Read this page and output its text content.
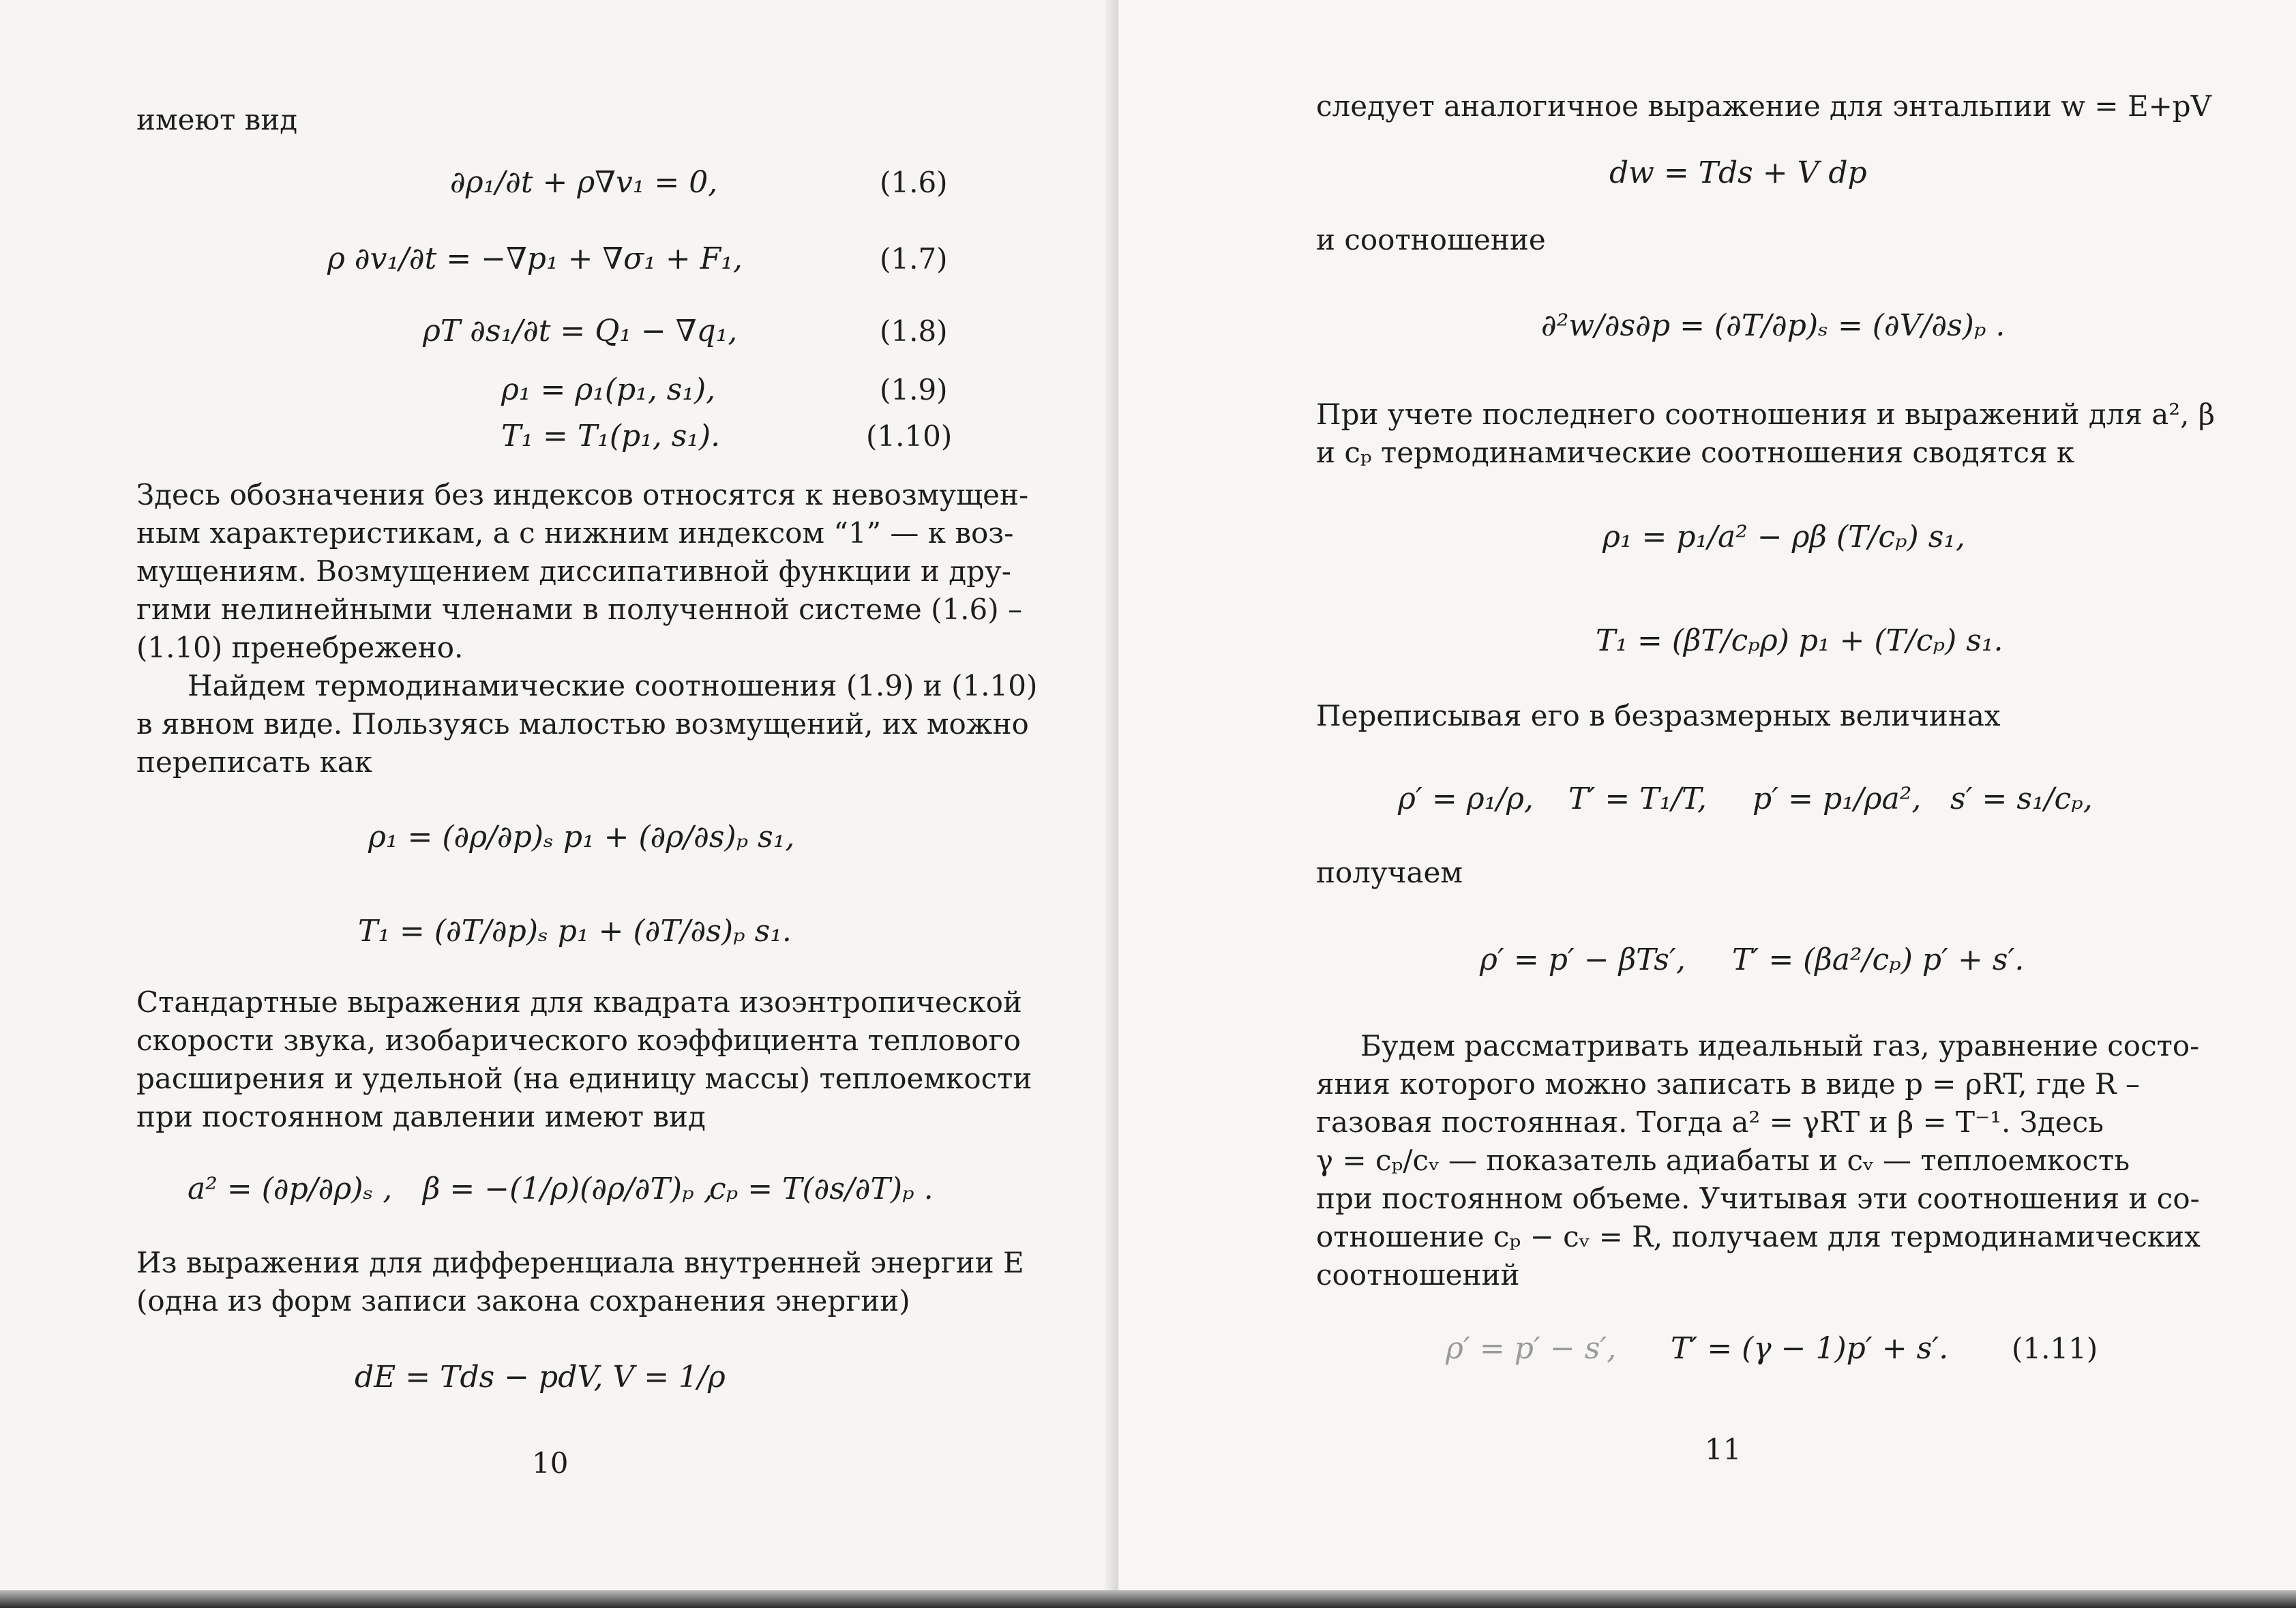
имеют вид
∂ρ₁/∂t + ρ∇v₁ = 0,	(1.6)
ρ ∂v₁/∂t = −∇p₁ + ∇σ₁ + F₁,	(1.7)
ρT ∂s₁/∂t = Q₁ − ∇q₁,	(1.8)
ρ₁ = ρ₁(p₁, s₁),	(1.9)
T₁ = T₁(p₁, s₁).	(1.10)
Здесь обозначения без индексов относятся к невозмущен-
ным характеристикам, а с нижним индексом “1” — к воз-
мущениям. Возмущением диссипативной функции и дру-
гими нелинейными членами в полученной системе (1.6) –
(1.10) пренебрежено.
Найдем термодинамические соотношения (1.9) и (1.10)
в явном виде. Пользуясь малостью возмущений, их можно
переписать как
ρ₁ = (∂ρ/∂p)ₛ p₁ + (∂ρ/∂s)ₚ s₁,
T₁ = (∂T/∂p)ₛ p₁ + (∂T/∂s)ₚ s₁.
Стандартные выражения для квадрата изоэнтропической
скорости звука, изобарического коэффициента теплового
расширения и удельной (на единицу массы) теплоемкости
при постоянном давлении имеют вид
a² = (∂p/∂ρ)ₛ , β = −(1/ρ)(∂ρ/∂T)ₚ ,
cₚ = T(∂s/∂T)ₚ .
Из выражения для дифференциала внутренней энергии E
(одна из форм записи закона сохранения энергии)
dE = Tds − pdV, V = 1/ρ
10
следует аналогичное выражение для энтальпии w = E+pV
dw = Tds + V dp
и соотношение
∂²w/∂s∂p = (∂T/∂p)ₛ = (∂V/∂s)ₚ .
При учете последнего соотношения и выражений для a², β
и cₚ термодинамические соотношения сводятся к
ρ₁ = p₁/a² − ρβ (T/cₚ) s₁,
T₁ = (βT/cₚρ) p₁ + (T/cₚ) s₁.
Переписывая его в безразмерных величинах
ρ′ = ρ₁/ρ, T′ = T₁/T, p′ = p₁/ρa², s′ = s₁/cₚ,
получаем
ρ′ = p′ − βTs′, T′ = (βa²/cₚ) p′ + s′.
Будем рассматривать идеальный газ, уравнение состо-
яния которого можно записать в виде p = ρRT, где R –
газовая постоянная. Тогда a² = γRT и β = T⁻¹. Здесь
γ = cₚ/cᵥ — показатель адиабаты и cᵥ — теплоемкость
при постоянном объеме. Учитывая эти соотношения и со-
отношение cₚ − cᵥ = R, получаем для термодинамических
соотношений
ρ′ = p′ − s′, T′ = (γ − 1)p′ + s′. (1.11)
11
